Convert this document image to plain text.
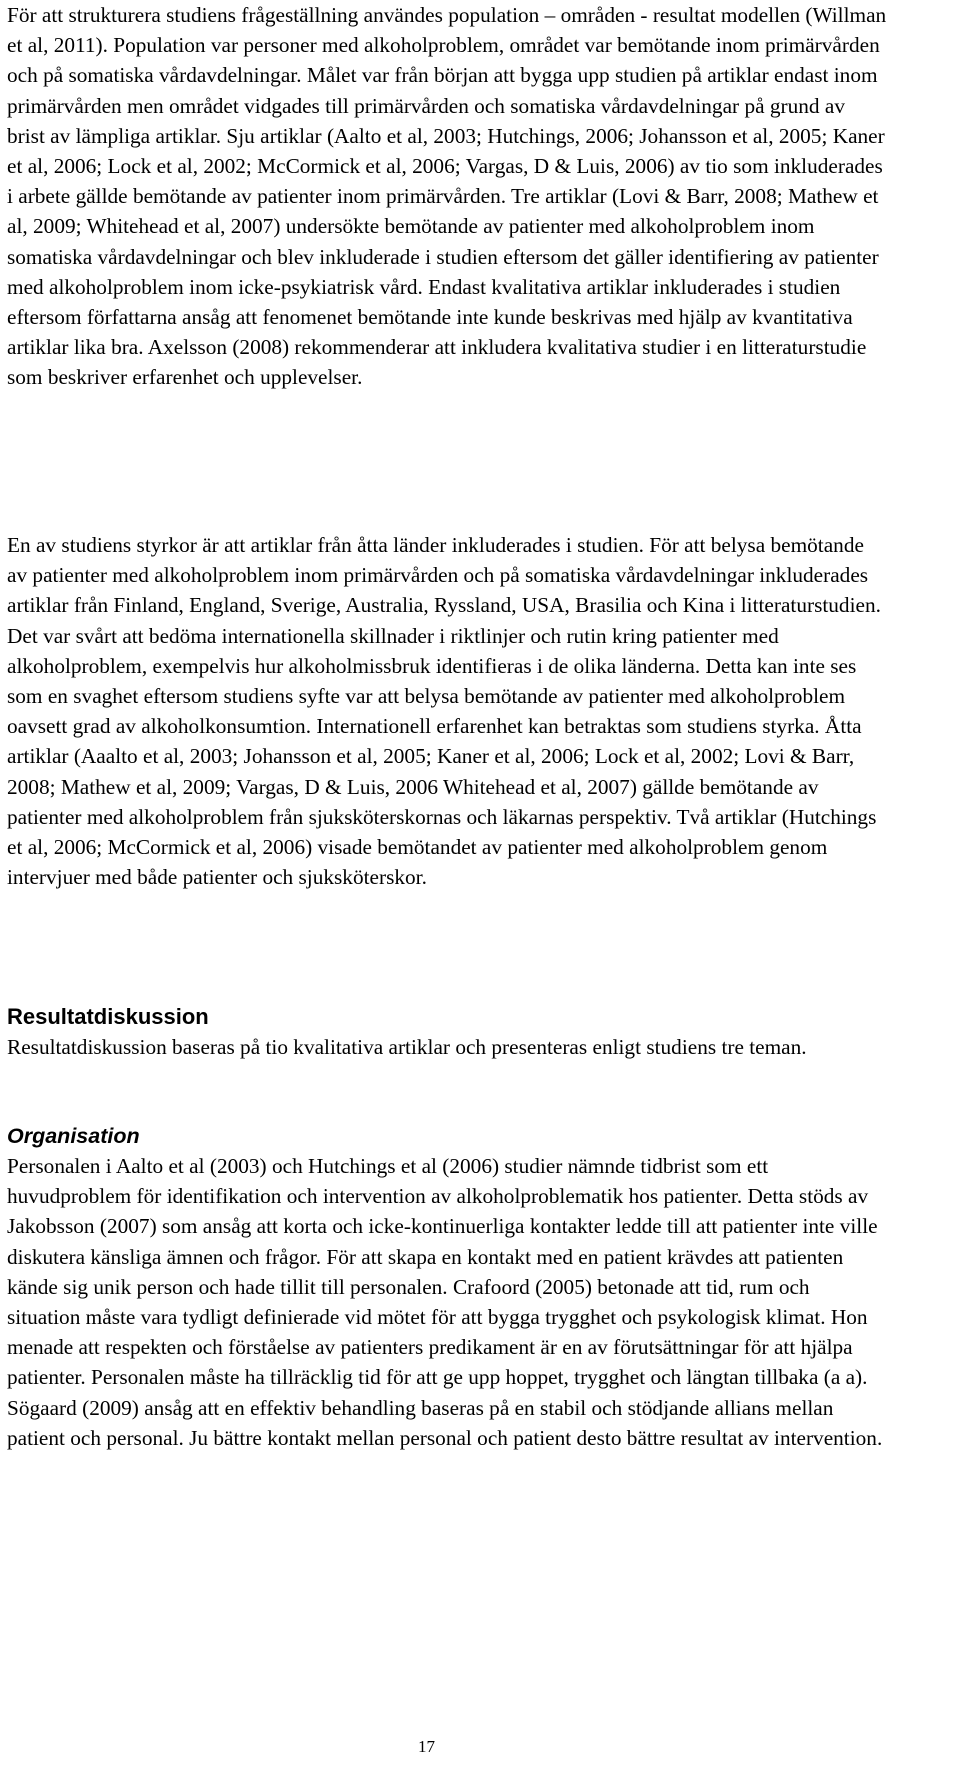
För att strukturera studiens frågeställning användes population – områden - resultat modellen (Willman et al, 2011). Population var personer med alkoholproblem, området var bemötande inom primärvården och på somatiska vårdavdelningar. Målet var från början att bygga upp studien på artiklar endast inom primärvården men området vidgades till primärvården och somatiska vårdavdelningar på grund av brist av lämpliga artiklar. Sju artiklar (Aalto et al, 2003; Hutchings, 2006; Johansson et al, 2005; Kaner et al, 2006; Lock et al, 2002; McCormick et al, 2006; Vargas, D & Luis, 2006) av tio som inkluderades i arbete gällde bemötande av patienter inom primärvården. Tre artiklar (Lovi & Barr, 2008; Mathew et al, 2009; Whitehead et al, 2007) undersökte bemötande av patienter med alkoholproblem inom somatiska vårdavdelningar och blev inkluderade i studien eftersom det gäller identifiering av patienter med alkoholproblem inom icke-psykiatrisk vård. Endast kvalitativa artiklar inkluderades i studien eftersom författarna ansåg att fenomenet bemötande inte kunde beskrivas med hjälp av kvantitativa artiklar lika bra. Axelsson (2008) rekommenderar att inkludera kvalitativa studier i en litteraturstudie som beskriver erfarenhet och upplevelser.

En av studiens styrkor är att artiklar från åtta länder inkluderades i studien. För att belysa bemötande av patienter med alkoholproblem inom primärvården och på somatiska vårdavdelningar inkluderades artiklar från Finland, England, Sverige, Australia, Ryssland, USA, Brasilia och Kina i litteraturstudien. Det var svårt att bedöma internationella skillnader i riktlinjer och rutin kring patienter med alkoholproblem, exempelvis hur alkoholmissbruk identifieras i de olika länderna. Detta kan inte ses som en svaghet eftersom studiens syfte var att belysa bemötande av patienter med alkoholproblem oavsett grad av alkoholkonsumtion. Internationell erfarenhet kan betraktas som studiens styrka. Åtta artiklar (Aaalto et al, 2003; Johansson et al, 2005; Kaner et al, 2006; Lock et al, 2002; Lovi & Barr, 2008; Mathew et al, 2009; Vargas, D & Luis, 2006 Whitehead et al, 2007) gällde bemötande av patienter med alkoholproblem från sjuksköterskornas och läkarnas perspektiv. Två artiklar (Hutchings et al, 2006; McCormick et al, 2006) visade bemötandet av patienter med alkoholproblem genom intervjuer med både patienter och sjuksköterskor.

Resultatdiskussion

Resultatdiskussion baseras på tio kvalitativa artiklar och presenteras enligt studiens tre teman.

Organisation

Personalen i Aalto et al (2003) och Hutchings et al (2006) studier nämnde tidbrist som ett huvudproblem för identifikation och intervention av alkoholproblematik hos patienter. Detta stöds av Jakobsson (2007) som ansåg att korta och icke-kontinuerliga kontakter ledde till att patienter inte ville diskutera känsliga ämnen och frågor. För att skapa en kontakt med en patient krävdes att patienten kände sig unik person och hade tillit till personalen. Crafoord (2005) betonade att tid, rum och situation måste vara tydligt definierade vid mötet för att bygga trygghet och psykologisk klimat. Hon menade att respekten och förståelse av patienters predikament är en av förutsättningar för att hjälpa patienter. Personalen måste ha tillräcklig tid för att ge upp hoppet, trygghet och längtan tillbaka (a a). Sögaard (2009) ansåg att en effektiv behandling baseras på en stabil och stödjande allians mellan patient och personal. Ju bättre kontakt mellan personal och patient desto bättre resultat av intervention.

17
